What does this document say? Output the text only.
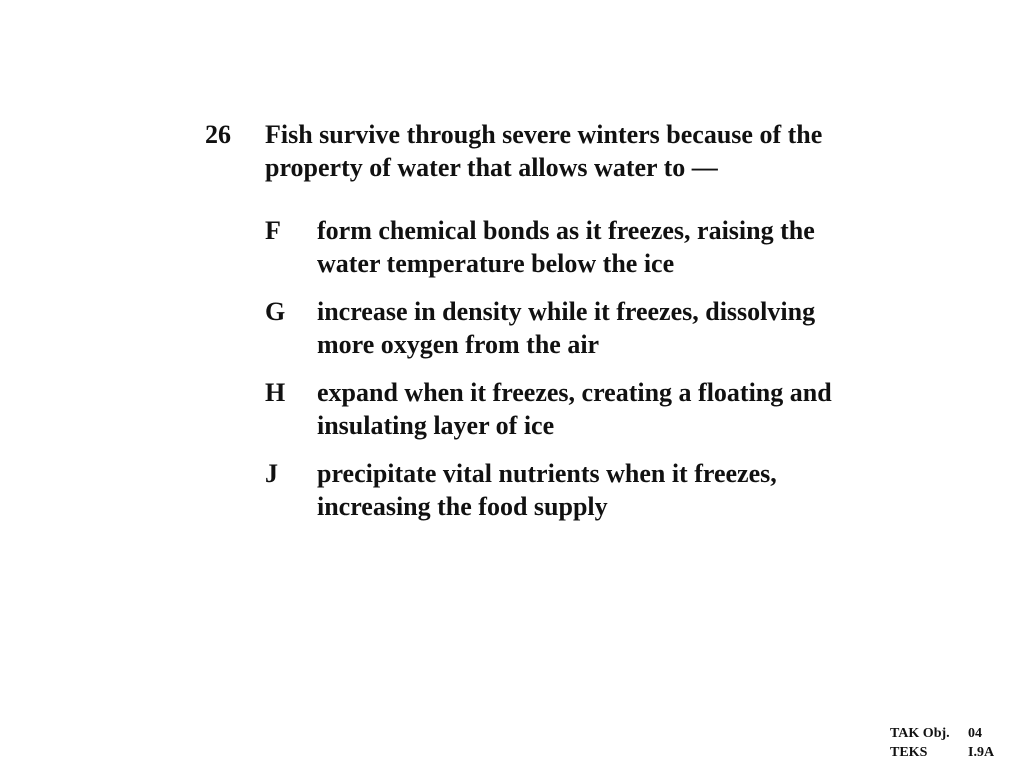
26	Fish survive through severe winters because of the property of water that allows water to —
F	form chemical bonds as it freezes, raising the water temperature below the ice
G	increase in density while it freezes, dissolving more oxygen from the air
H	expand when it freezes, creating a floating and insulating layer of ice
J	precipitate vital nutrients when it freezes, increasing the food supply
TAK Obj.	04
TEKS	I.9A
